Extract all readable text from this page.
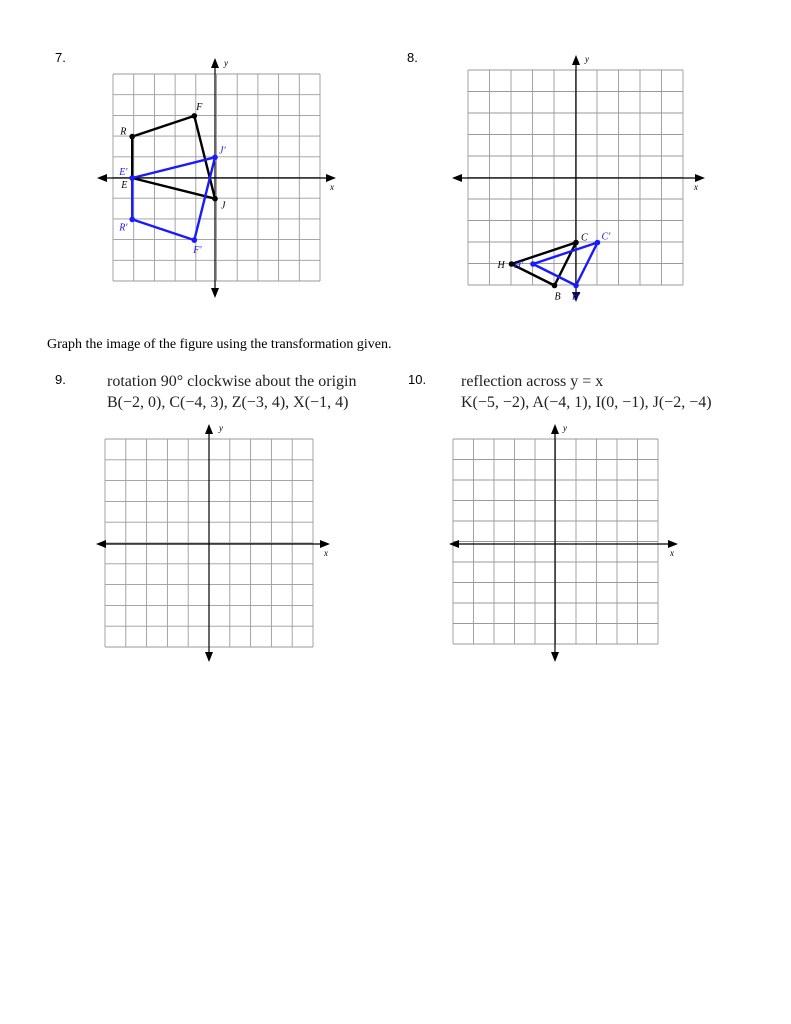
7.	8.
x
y
R
F
J
E
E'
J'
F'
R'
x
y
H
C
B
H'
C'
B'
Graph the image of the figure using the transformation given.
9.	rotation 90° clockwise about the origin
B(−2, 0), C(−4, 3), Z(−3, 4), X(−1, 4)
10. reflection across y = x
K(−5, −2), A(−4, 1), I(0, −1), J(−2, −4)
x
y
x
y
